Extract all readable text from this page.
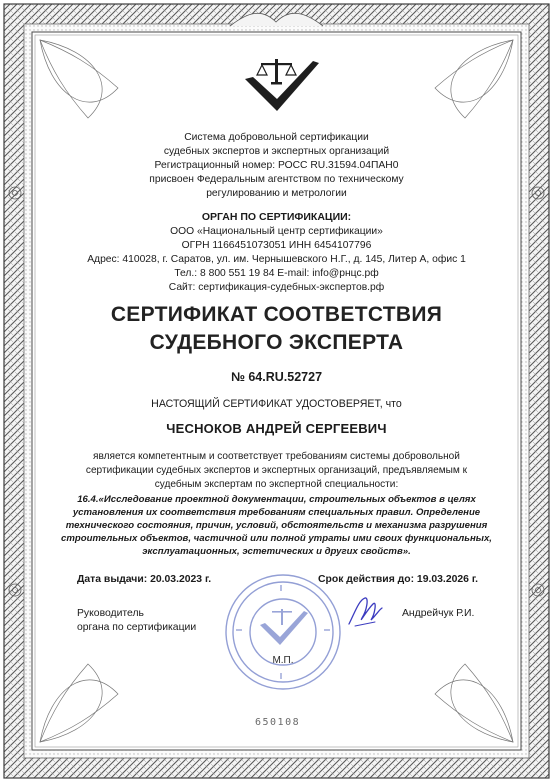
Система добровольной сертификации
судебных экспертов и экспертных организаций
Регистрационный номер: РОСС RU.31594.04ПАН0
присвоен Федеральным агентством по техническому
регулированию и метрологии
ОРГАН ПО СЕРТИФИКАЦИИ:
ООО «Национальный центр сертификации»
ОГРН 1166451073051 ИНН 6454107796
Адрес: 410028, г. Саратов, ул. им. Чернышевского Н.Г., д. 145, Литер А, офис 1
Тел.: 8 800 551 19 84 E-mail: info@рнцс.рф
Сайт: сертификация-судебных-экспертов.рф
СЕРТИФИКАТ СООТВЕТСТВИЯ
СУДЕБНОГО ЭКСПЕРТА
№ 64.RU.52727
НАСТОЯЩИЙ СЕРТИФИКАТ УДОСТОВЕРЯЕТ, что
ЧЕСНОКОВ АНДРЕЙ СЕРГЕЕВИЧ
является компетентным и соответствует требованиям системы добровольной
сертификации судебных экспертов и экспертных организаций, предъявляемым к
судебным экспертам по экспертной специальности:
16.4.«Исследование проектной документации, строительных объектов в целях
установления их соответствия требованиям специальных правил. Определение
технического состояния, причин, условий, обстоятельств и механизма разрушения
строительных объектов, частичной или полной утраты ими своих функциональных,
эксплуатационных, эстетических и других свойств».
Дата выдачи: 20.03.2023 г.	Срок действия до: 19.03.2026 г.
Руководитель
органа по сертификации
М.П.
Андрейчук Р.И.
650108
